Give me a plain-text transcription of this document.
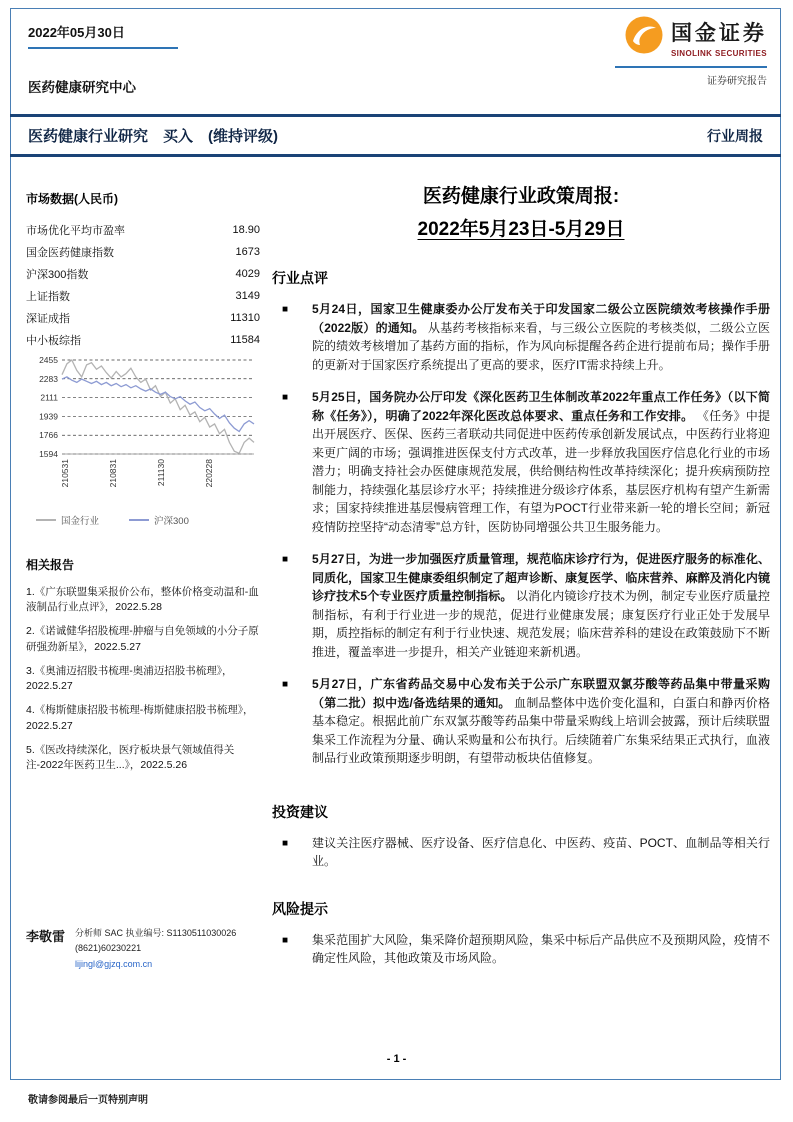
2022年05月30日	国金证券
SINOLINK SECURITIES
证券研究报告
医药健康研究中心
医药健康行业研究　买入　(维持评级)	行业周报
市场数据(人民币)
市场优化平均市盈率	18.90
国金医药健康指数	1673
沪深300指数	4029
上证指数	3149
深证成指	11310
中小板综指	11584
1594
1766
1939
2111
2283
2455
210531	210831	211130	220228
国金行业	沪深300
相关报告
1.《广东联盟集采报价公布，整体价格变动温和-血液制品行业点评》，2022.5.28
2.《诺诚健华招股梳理-肿瘤与自免领域的小分子原研强劲新星》，2022.5.27
3.《奥浦迈招股书梳理-奥浦迈招股书梳理》，2022.5.27
4.《梅斯健康招股书梳理-梅斯健康招股书梳理》，2022.5.27
5.《医改持续深化，医疗板块景气领域值得关注-2022年医药卫生...》，2022.5.26
李敬雷 分析师 SAC 执业编号: S1130511030026
(8621)60230221
lijingl@gjzq.com.cn
医药健康行业政策周报:
2022年5月23日-5月29日
行业点评
■ 5月24日，国家卫生健康委办公厅发布关于印发国家二级公立医院绩效考核操作手册（2022版）的通知。 从基药考核指标来看，与三级公立医院的考核类似，二级公立医院的绩效考核增加了基药方面的指标，作为风向标提醒各药企进行提前布局；操作手册的更新对于国家医疗系统提出了更高的要求，医疗IT需求持续上升。
■ 5月25日，国务院办公厅印发《深化医药卫生体制改革2022年重点工作任务》（以下简称《任务》），明确了2022年深化医改总体要求、重点任务和工作安排。 《任务》中提出开展医疗、医保、医药三者联动共同促进中医药传承创新发展试点，中医药行业将迎来更广阔的市场；强调推进医保支付方式改革，进一步释放我国医疗信息化行业的市场潜力；明确支持社会办医健康规范发展，供给侧结构性改革持续深化；提升疾病预防控制能力，持续强化基层诊疗水平；持续推进分级诊疗体系，基层医疗机构有望产生新需求；国家持续推进基层慢病管理工作，有望为POCT行业带来新一轮的增长空间；新冠疫情防控坚持“动态清零”总方针，医防协同增强公共卫生服务能力。
■ 5月27日，为进一步加强医疗质量管理，规范临床诊疗行为，促进医疗服务的标准化、同质化，国家卫生健康委组织制定了超声诊断、康复医学、临床营养、麻醉及消化内镜诊疗技术5个专业医疗质量控制指标。 以消化内镜诊疗技术为例，制定专业医疗质量控制指标，有利于行业进一步的规范，促进行业健康发展；康复医疗行业正处于发展早期，质控指标的制定有利于行业快速、规范发展；临床营养科的建设在政策鼓励下不断推进，覆盖率进一步提升，相关产业链迎来新机遇。
■ 5月27日，广东省药品交易中心发布关于公示广东联盟双氯芬酸等药品集中带量采购（第二批）拟中选/备选结果的通知。 血制品整体中选价变化温和，白蛋白和静丙价格基本稳定。根据此前广东双氯芬酸等药品集中带量采购线上培训会披露，预计后续联盟集采工作流程为分量、确认采购量和公布执行。后续随着广东集采结果正式执行，血液制品行业政策预期逐步明朗，有望带动板块估值修复。
投资建议
■ 建议关注医疗器械、医疗设备、医疗信息化、中医药、疫苗、POCT、血制品等相关行业。
风险提示
■ 集采范围扩大风险，集采降价超预期风险，集采中标后产品供应不及预期风险，疫情不确定性风险，其他政策及市场风险。
- 1 -
敬请参阅最后一页特别声明
